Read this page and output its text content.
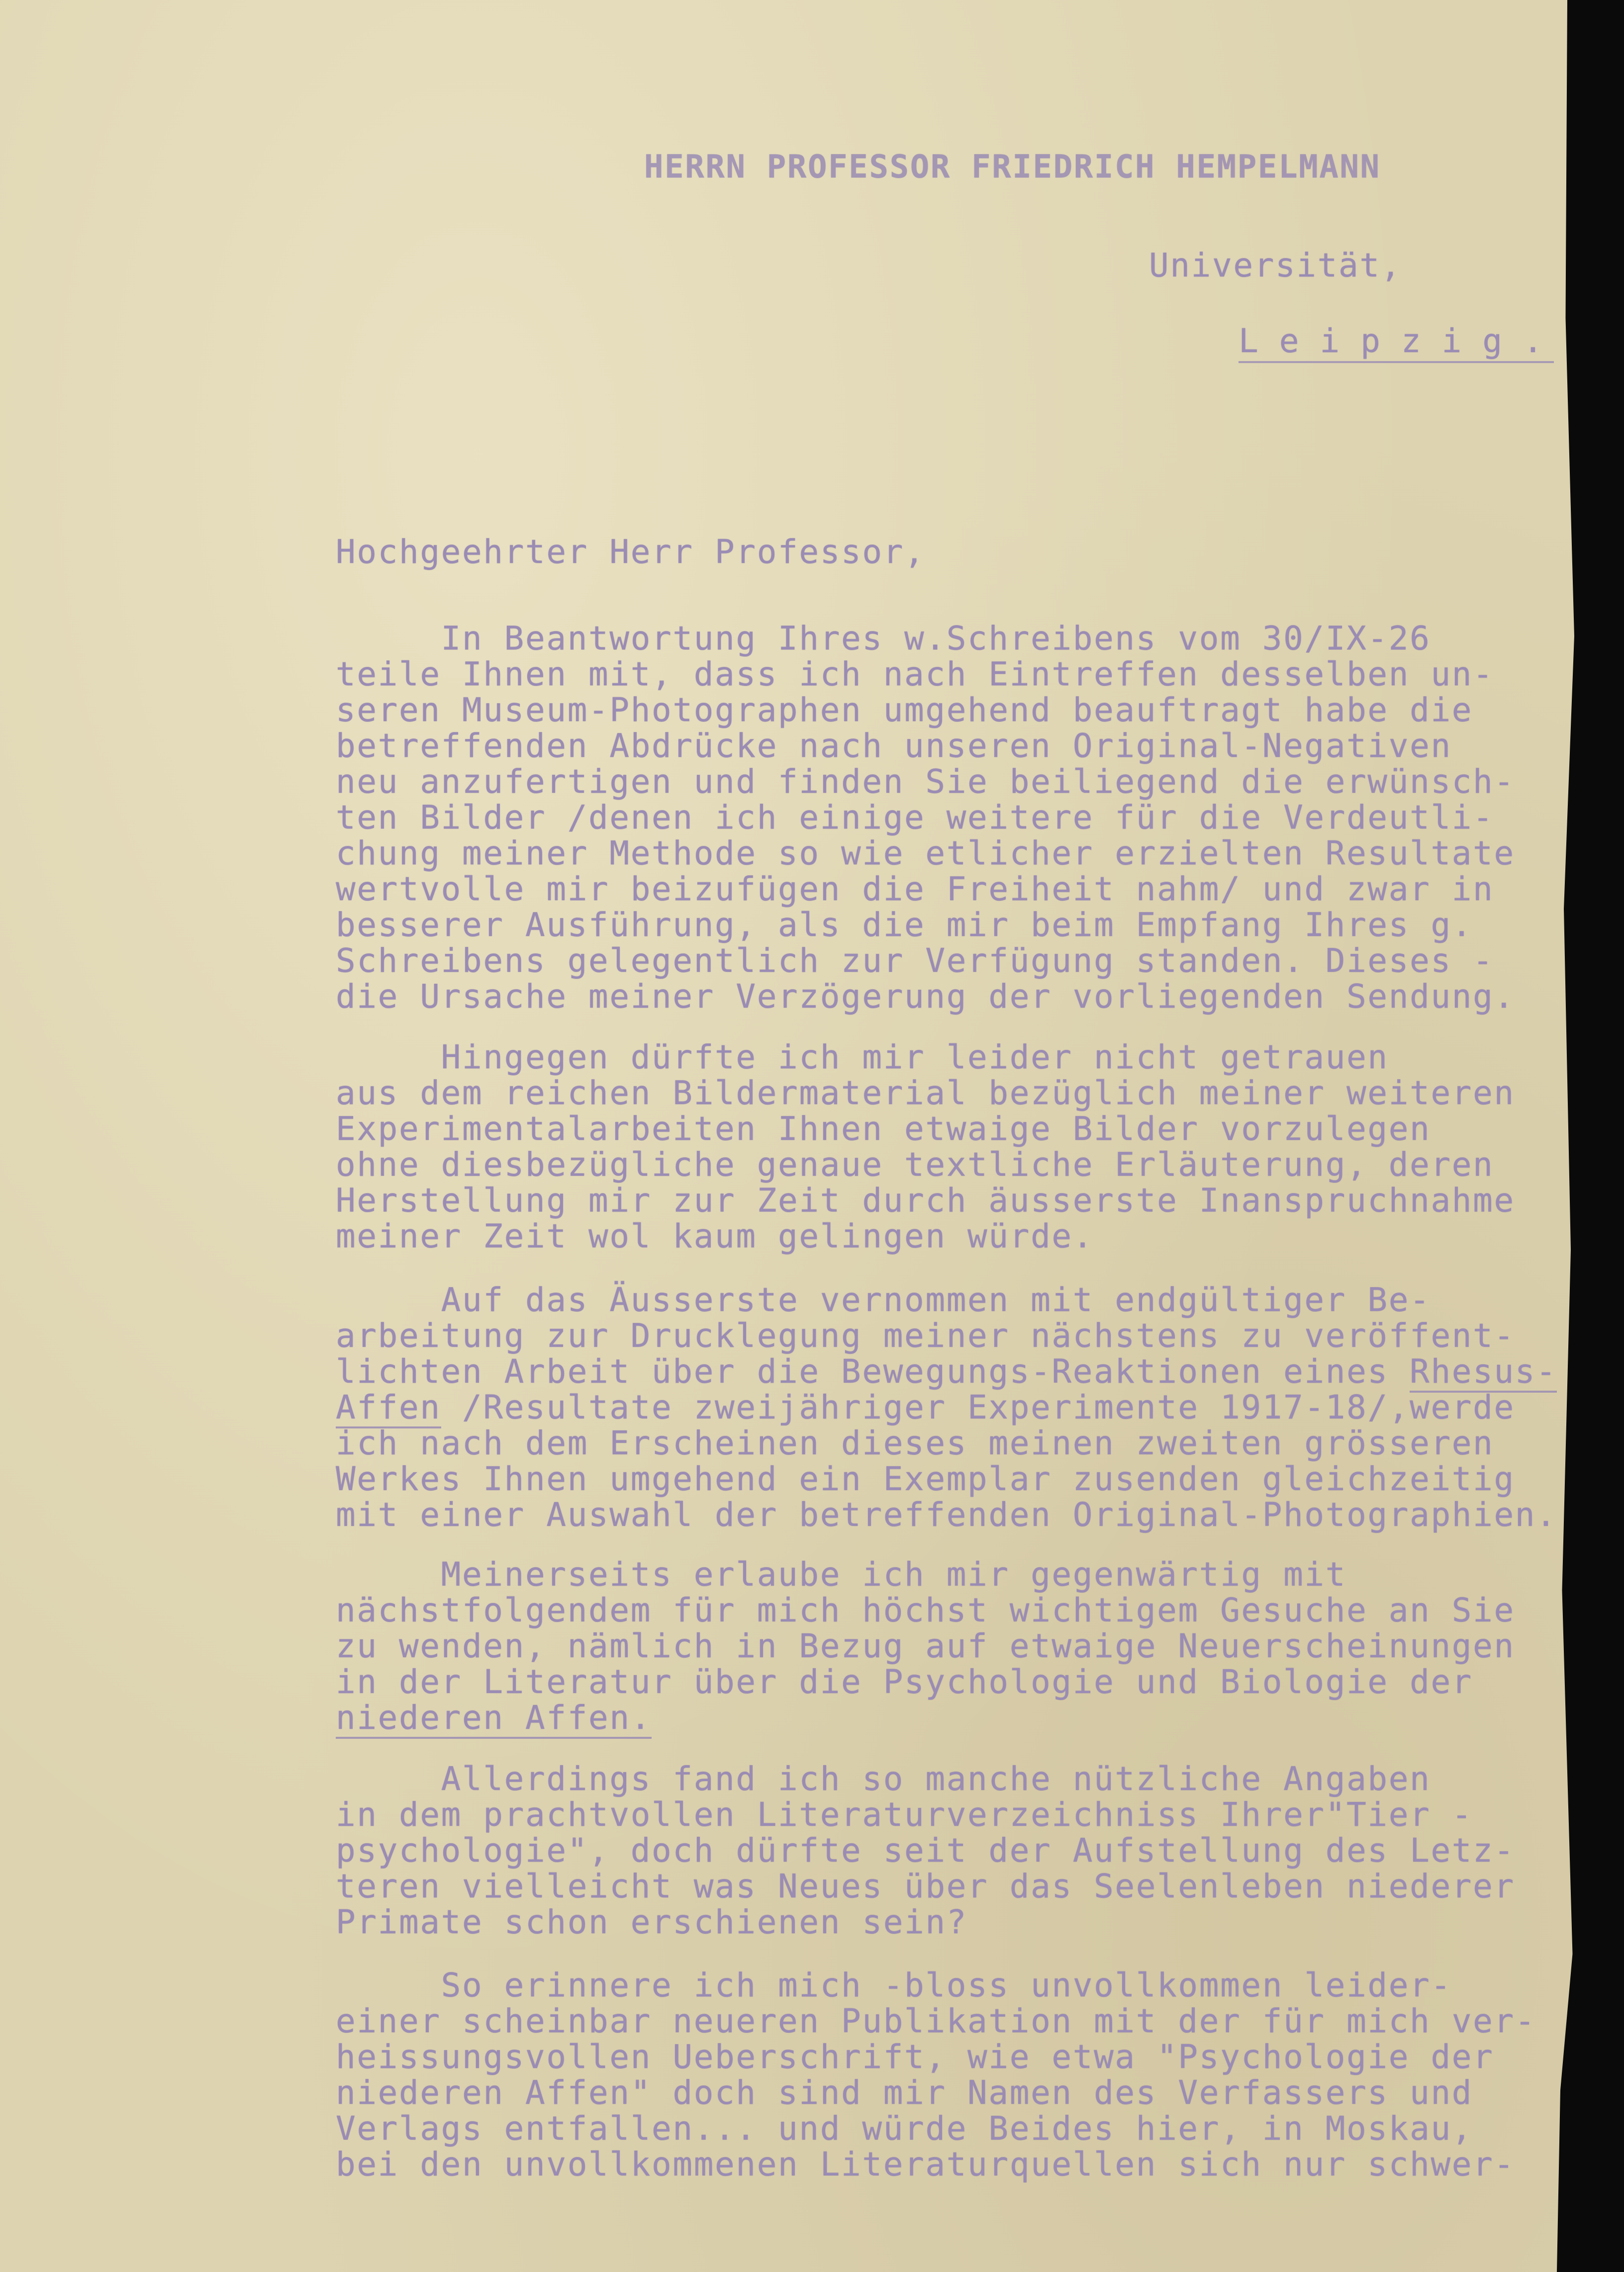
HERRN PROFESSOR FRIEDRICH HEMPELMANN
Universität,
Leipzig.
Hochgeehrter Herr Professor,
In Beantwortung Ihres w.Schreibens vom 30/IX-26
teile Ihnen mit, dass ich nach Eintreffen desselben un-
seren Museum-Photographen umgehend beauftragt habe die
betreffenden Abdrücke nach unseren Original-Negativen
neu anzufertigen und finden Sie beiliegend die erwünsch-
ten Bilder /denen ich einige weitere für die Verdeutli-
chung meiner Methode so wie etlicher erzielten Resultate
wertvolle mir beizufügen die Freiheit nahm/ und zwar in
besserer Ausführung, als die mir beim Empfang Ihres g.
Schreibens gelegentlich zur Verfügung standen. Dieses -
die Ursache meiner Verzögerung der vorliegenden Sendung.
Hingegen dürfte ich mir leider nicht getrauen
aus dem reichen Bildermaterial bezüglich meiner weiteren
Experimentalarbeiten Ihnen etwaige Bilder vorzulegen
ohne diesbezügliche genaue textliche Erläuterung, deren
Herstellung mir zur Zeit durch äusserste Inanspruchnahme
meiner Zeit wol kaum gelingen würde.
Auf das Äusserste vernommen mit endgültiger Be-
arbeitung zur Drucklegung meiner nächstens zu veröffent-
lichten Arbeit über die Bewegungs-Reaktionen eines Rhesus-
Affen /Resultate zweijähriger Experimente 1917-18/,werde
ich nach dem Erscheinen dieses meinen zweiten grösseren
Werkes Ihnen umgehend ein Exemplar zusenden gleichzeitig
mit einer Auswahl der betreffenden Original-Photographien.
Meinerseits erlaube ich mir gegenwärtig mit
nächstfolgendem für mich höchst wichtigem Gesuche an Sie
zu wenden, nämlich in Bezug auf etwaige Neuerscheinungen
in der Literatur über die Psychologie und Biologie der
niederen Affen.
Allerdings fand ich so manche nützliche Angaben
in dem prachtvollen Literaturverzeichniss Ihrer"Tier -
psychologie", doch dürfte seit der Aufstellung des Letz-
teren vielleicht was Neues über das Seelenleben niederer
Primate schon erschienen sein?
So erinnere ich mich -bloss unvollkommen leider-
einer scheinbar neueren Publikation mit der für mich ver-
heissungsvollen Ueberschrift, wie etwa "Psychologie der
niederen Affen" doch sind mir Namen des Verfassers und
Verlags entfallen... und würde Beides hier, in Moskau,
bei den unvollkommenen Literaturquellen sich nur schwer-
